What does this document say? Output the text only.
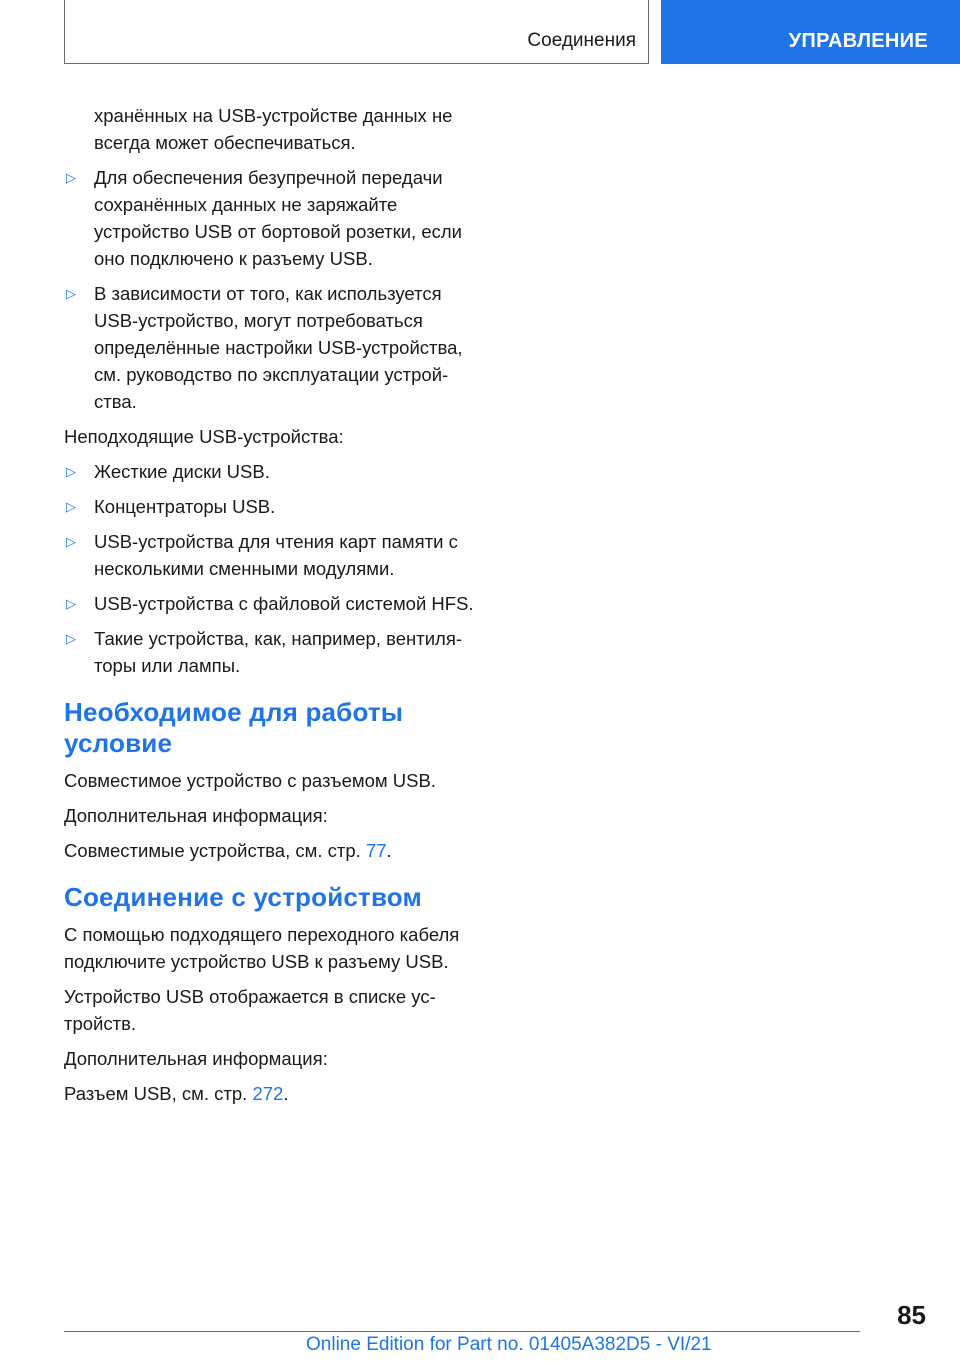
Соединения	УПРАВЛЕНИЕ

хранённых на USB-устройстве данных не всегда может обеспечиваться.

▷ Для обеспечения безупречной передачи сохранённых данных не заряжайте устройство USB от бортовой розетки, если оно подключено к разъему USB.
▷ В зависимости от того, как используется USB-устройство, могут потребоваться определённые настройки USB-устройства, см. руководство по эксплуатации устрой-ства.

Неподходящие USB-устройства:

▷ Жесткие диски USB.
▷ Концентраторы USB.
▷ USB-устройства для чтения карт памяти с несколькими сменными модулями.
▷ USB-устройства с файловой системой HFS.
▷ Такие устройства, как, например, вентиля-торы или лампы.
Необходимое для работы условие

Совместимое устройство с разъемом USB.

Дополнительная информация:

Совместимые устройства, см. стр. 77.

Соединение с устройством

С помощью подходящего переходного кабеля подключите устройство USB к разъему USB.

Устройство USB отображается в списке ус-тройств.

Дополнительная информация:

Разъем USB, см. стр. 272.

85
Online Edition for Part no. 01405A382D5 - VI/21
